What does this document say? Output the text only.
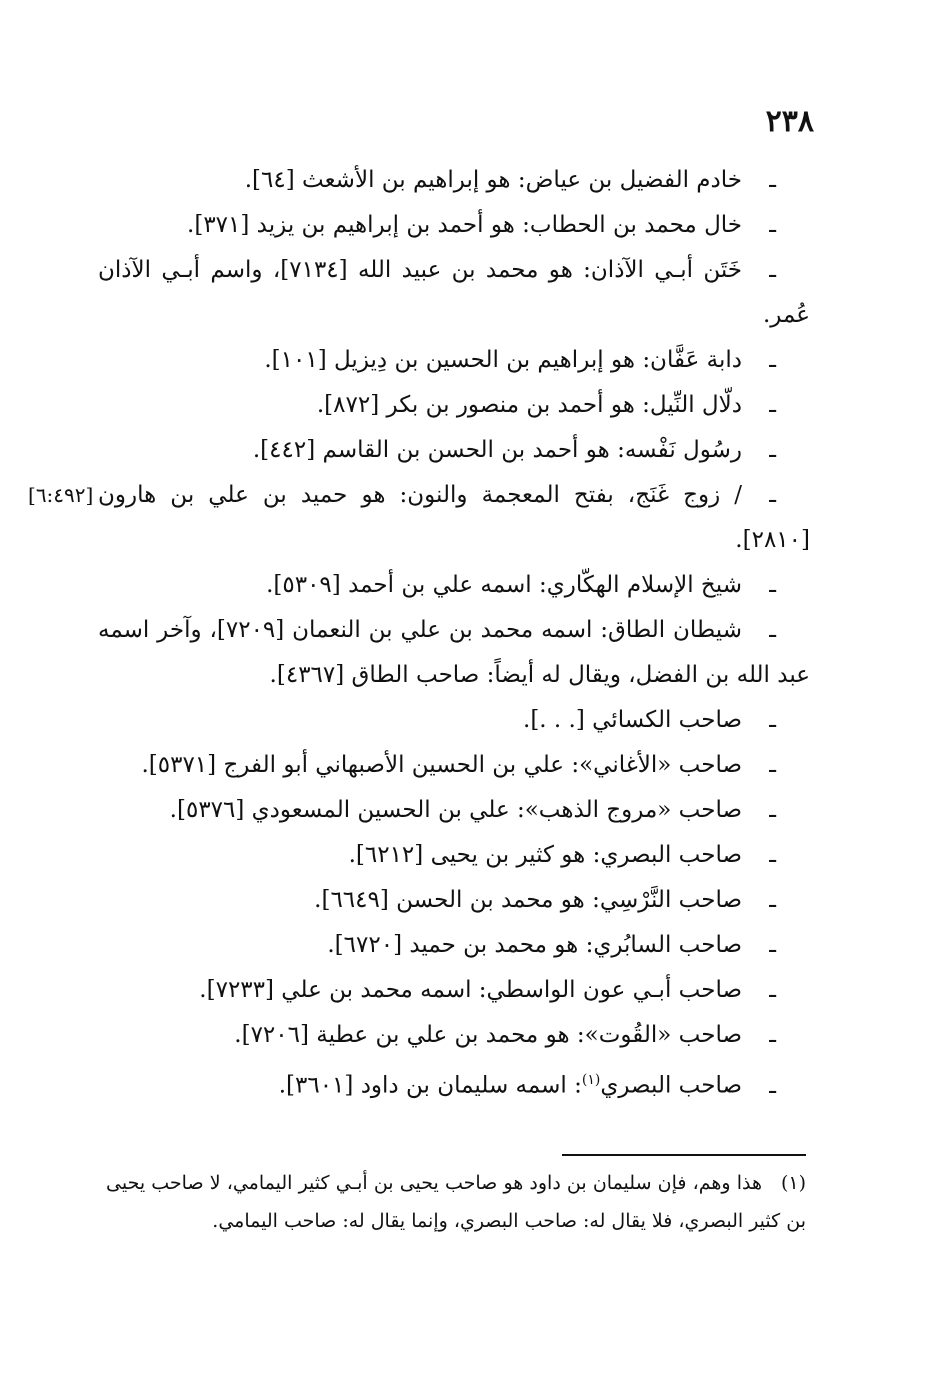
٢٣٨

ـخادم الفضيل بن عياض: هو إبراهيم بن الأشعث [٦٤].

ـخال محمد بن الحطاب: هو أحمد بن إبراهيم بن يزيد [٣٧١].

ـخَتَن أبـي الآذان: هو محمد بن عبيد الله [٧١٣٤]، واسم أبـي الآذان عُمر.

ـدابة عَفَّان: هو إبراهيم بن الحسين بن دِيزيل [١٠١].

ـدلّال النِّيل: هو أحمد بن منصور بن بكر [٨٧٢].

ـرسُول نَفْسه: هو أحمد بن الحسن بن القاسم [٤٤٢].

[٦:٤٩٢]	ـ/ زوج غَنَج، بفتح المعجمة والنون: هو حميد بن علي بن هارون [٢٨١٠].

ـشيخ الإسلام الهكّاري: اسمه علي بن أحمد [٥٣٠٩].

ـشيطان الطاق: اسمه محمد بن علي بن النعمان [٧٢٠٩]، وآخر اسمه عبد الله بن الفضل، ويقال له أيضاً: صاحب الطاق [٤٣٦٧].

ـصاحب الكسائي [. . .].

ـصاحب «الأغاني»: علي بن الحسين الأصبهاني أبو الفرج [٥٣٧١].

ـصاحب «مروج الذهب»: علي بن الحسين المسعودي [٥٣٧٦].

ـصاحب البصري: هو كثير بن يحيى [٦٢١٢].

ـصاحب النَّرْسِي: هو محمد بن الحسن [٦٦٤٩].

ـصاحب السابُري: هو محمد بن حميد [٦٧٢٠].

ـصاحب أبـي عون الواسطي: اسمه محمد بن علي [٧٢٣٣].

ـصاحب «القُوت»: هو محمد بن علي بن عطية [٧٢٠٦].

ـصاحب البصري$^{(١)}$: اسمه سليمان بن داود [٣٦٠١].

(١)هذا وهم، فإن سليمان بن داود هو صاحب يحيى بن أبـي كثير اليمامي، لا صاحب يحيى بن كثير البصري، فلا يقال له: صاحب البصري، وإنما يقال له: صاحب اليمامي.
